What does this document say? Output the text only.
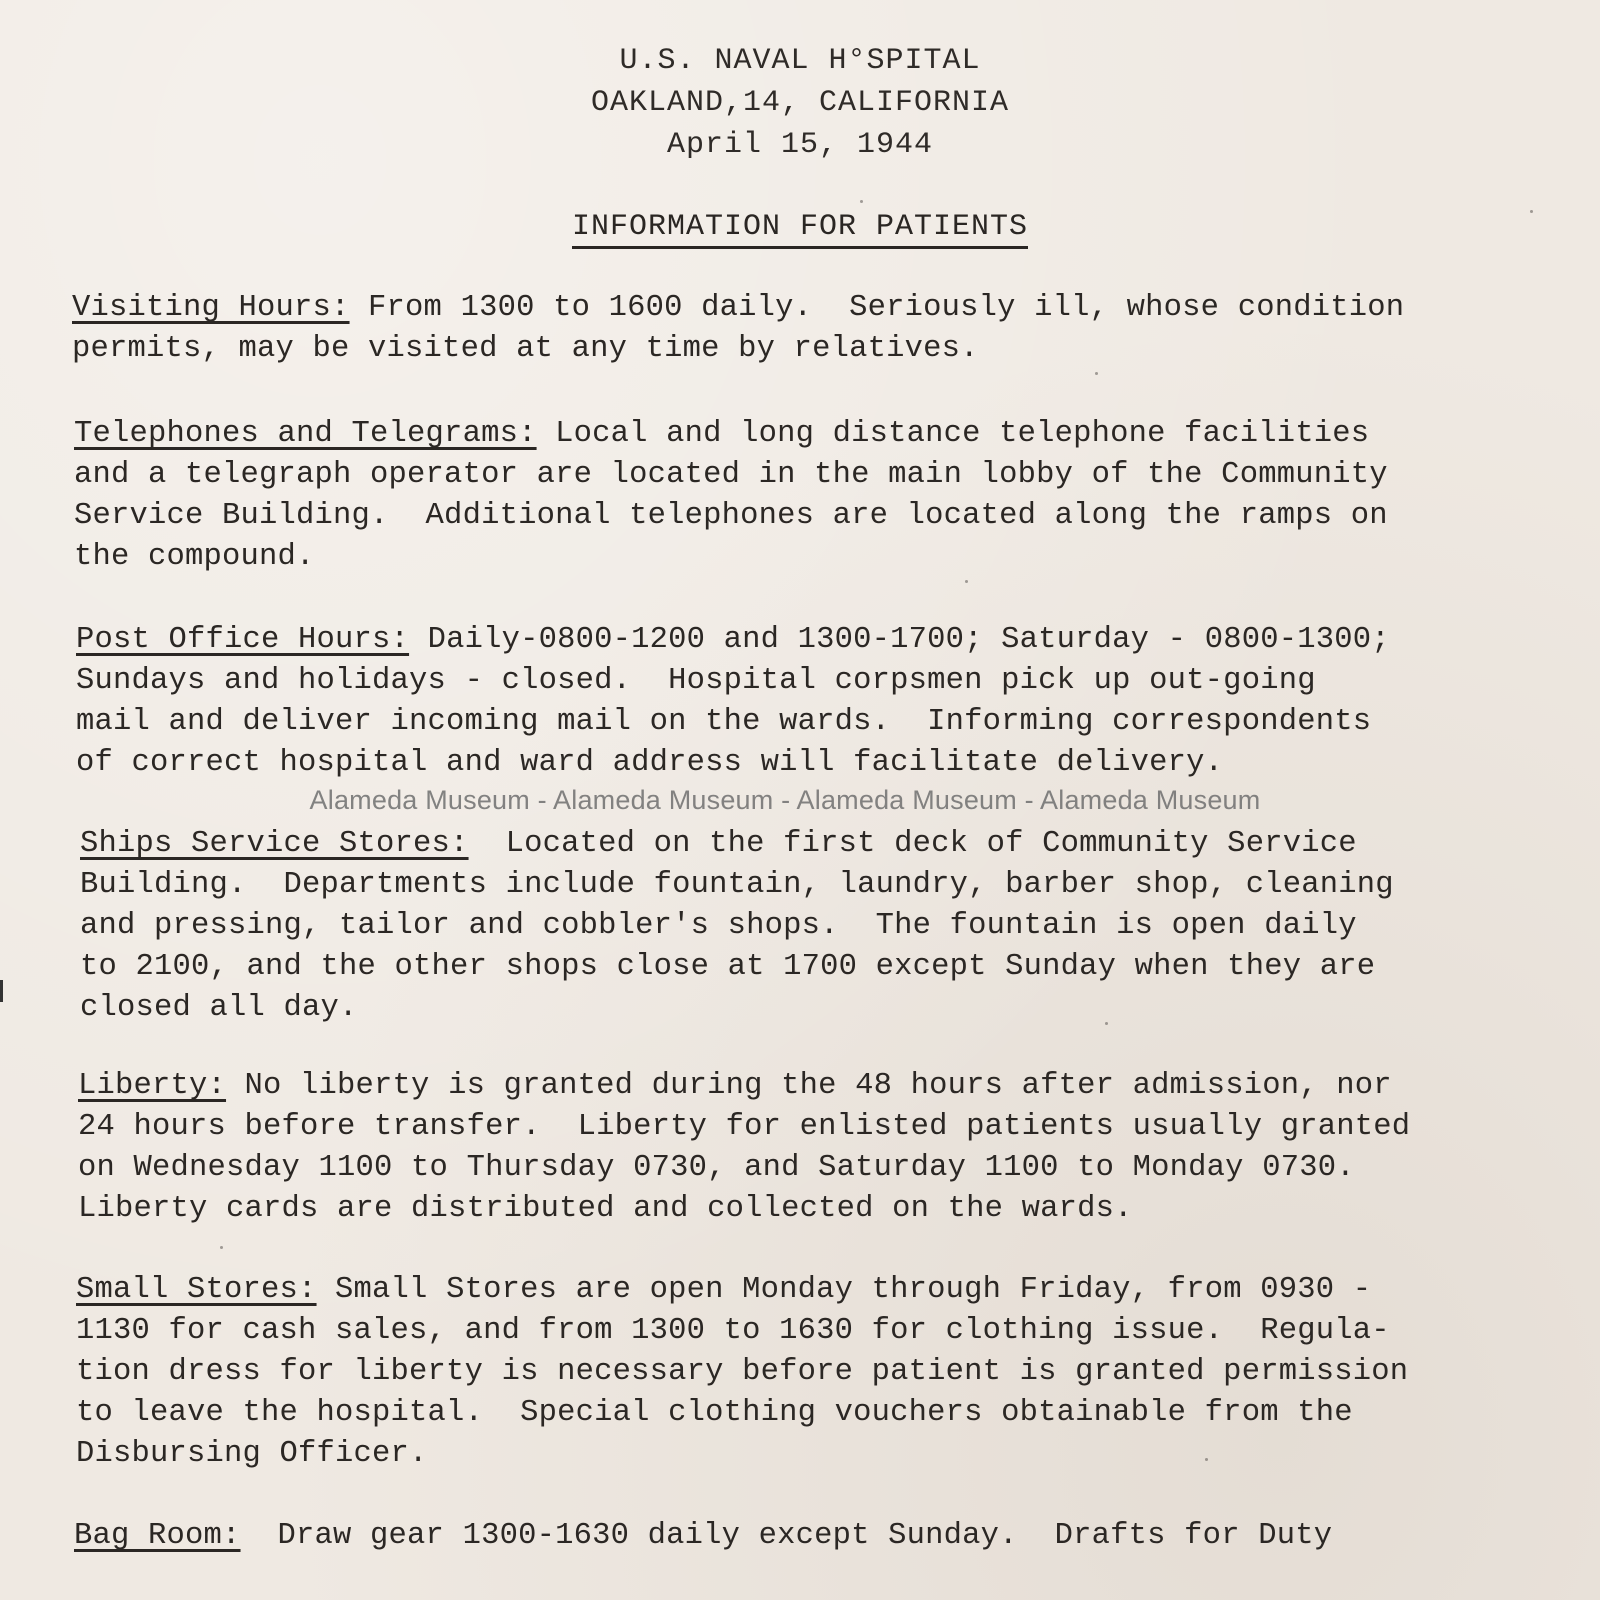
U.S. NAVAL H°SPITAL
OAKLAND,14, CALIFORNIA
April 15, 1944
INFORMATION FOR PATIENTS
Visiting Hours: From 1300 to 1600 daily.  Seriously ill, whose condition
permits, may be visited at any time by relatives.
Telephones and Telegrams: Local and long distance telephone facilities
and a telegraph operator are located in the main lobby of the Community
Service Building.  Additional telephones are located along the ramps on
the compound.
Post Office Hours: Daily-0800-1200 and 1300-1700; Saturday - 0800-1300;
Sundays and holidays - closed.  Hospital corpsmen pick up out-going
mail and deliver incoming mail on the wards.  Informing correspondents
of correct hospital and ward address will facilitate delivery.
Alameda Museum - Alameda Museum - Alameda Museum - Alameda Museum
Ships Service Stores:  Located on the first deck of Community Service
Building.  Departments include fountain, laundry, barber shop, cleaning
and pressing, tailor and cobbler's shops.  The fountain is open daily
to 2100, and the other shops close at 1700 except Sunday when they are
closed all day.
Liberty: No liberty is granted during the 48 hours after admission, nor
24 hours before transfer.  Liberty for enlisted patients usually granted
on Wednesday 1100 to Thursday 0730, and Saturday 1100 to Monday 0730.
Liberty cards are distributed and collected on the wards.
Small Stores: Small Stores are open Monday through Friday, from 0930 -
1130 for cash sales, and from 1300 to 1630 for clothing issue.  Regula-
tion dress for liberty is necessary before patient is granted permission
to leave the hospital.  Special clothing vouchers obtainable from the
Disbursing Officer.
Bag Room:  Draw gear 1300-1630 daily except Sunday.  Drafts for Duty
